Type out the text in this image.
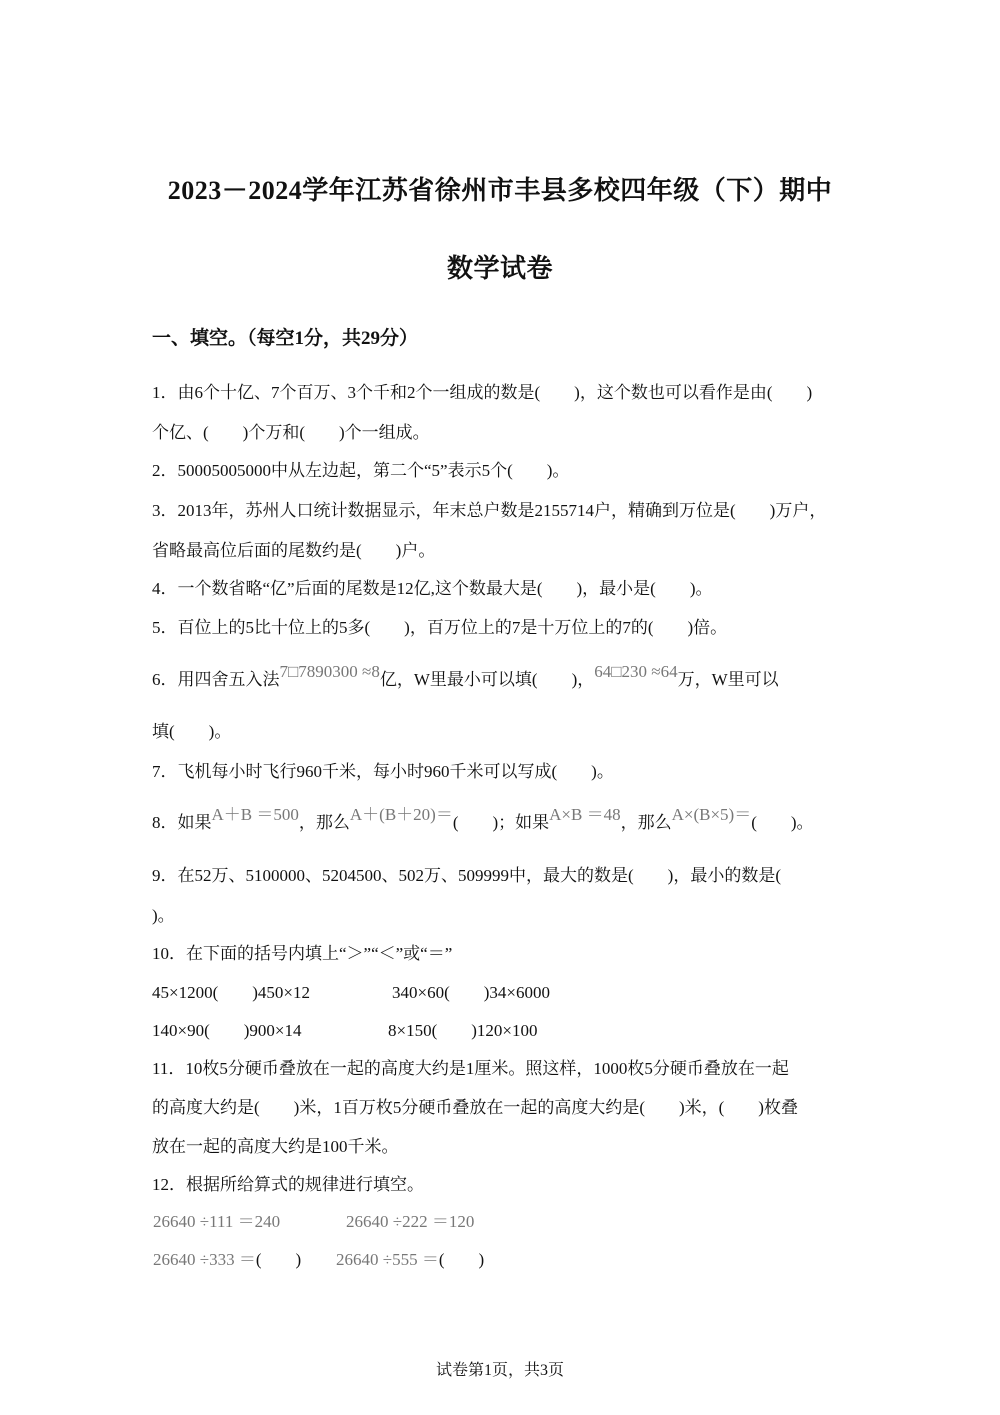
2023－2024学年江苏省徐州市丰县多校四年级（下）期中
数学试卷
一、填空。（每空1分，共29分）
1．由6个十亿、7个百万、3个千和2个一组成的数是(　　)，这个数也可以看作是由(　　)
个亿、(　　)个万和(　　)个一组成。
2．50005005000中从左边起，第二个“5”表示5个(　　)。
3．2013年，苏州人口统计数据显示，年末总户数是2155714户，精确到万位是(　　)万户，
省略最高位后面的尾数约是(　　)户。
4．一个数省略“亿”后面的尾数是12亿,这个数最大是(　　)，最小是(　　)。
5．百位上的5比十位上的5多(　　)，百万位上的7是十万位上的7的(　　)倍。
6．用四舍五入法7□7890300 ≈8亿，W里最小可以填(　　)，64□230 ≈64万，W里可以
填(　　)。
7．飞机每小时飞行960千米，每小时960千米可以写成(　　)。
8．如果A＋B ＝500，那么A＋(B＋20)＝(　　)；如果A×B ＝48，那么A×(B×5)＝(　　)。
9．在52万、5100000、5204500、502万、509999中，最大的数是(　　)，最小的数是(
)。
10．在下面的括号内填上“＞”“＜”或“＝”
45×1200(　　)450×12	340×60(　　)34×6000
140×90(　　)900×14	8×150(　　)120×100
11．10枚5分硬币叠放在一起的高度大约是1厘米。照这样，1000枚5分硬币叠放在一起
的高度大约是(　　)米，1百万枚5分硬币叠放在一起的高度大约是(　　)米，(　　)枚叠
放在一起的高度大约是100千米。
12．根据所给算式的规律进行填空。
26640 ÷111 ＝240	26640 ÷222 ＝120
26640 ÷333 ＝(　　) 26640 ÷555 ＝(　　)
试卷第1页，共3页
